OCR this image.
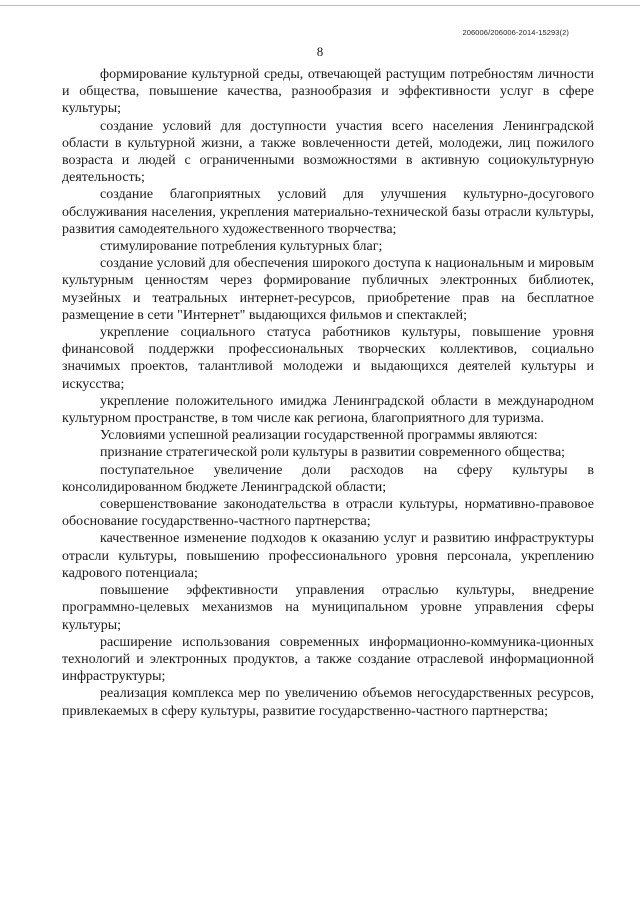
206006/206006-2014-15293(2)
8

формирование культурной среды, отвечающей растущим потребностям личности и общества, повышение качества, разнообразия и эффективности услуг в сфере культуры;

создание условий для доступности участия всего населения Ленинградской области в культурной жизни, а также вовлеченности детей, молодежи, лиц пожилого возраста и людей с ограниченными возможностями в активную социокультурную деятельность;

создание благоприятных условий для улучшения культурно-досугового обслуживания населения, укрепления материально-технической базы отрасли культуры, развития самодеятельного художественного творчества;

стимулирование потребления культурных благ;

создание условий для обеспечения широкого доступа к национальным и мировым культурным ценностям через формирование публичных электронных библиотек, музейных и театральных интернет-ресурсов, приобретение прав на бесплатное размещение в сети "Интернет" выдающихся фильмов и спектаклей;

укрепление социального статуса работников культуры, повышение уровня финансовой поддержки профессиональных творческих коллективов, социально значимых проектов, талантливой молодежи и выдающихся деятелей культуры и искусства;

укрепление положительного имиджа Ленинградской области в международном культурном пространстве, в том числе как региона, благоприятного для туризма.

Условиями успешной реализации государственной программы являются:

признание стратегической роли культуры в развитии современного общества;

поступательное увеличение доли расходов на сферу культуры в консолидированном бюджете Ленинградской области;

совершенствование законодательства в отрасли культуры, нормативно-правовое обоснование государственно-частного партнерства;

качественное изменение подходов к оказанию услуг и развитию инфраструктуры отрасли культуры, повышению профессионального уровня персонала, укреплению кадрового потенциала;

повышение эффективности управления отраслью культуры, внедрение программно-целевых механизмов на муниципальном уровне управления сферы культуры;

расширение использования современных информационно-коммуника-ционных технологий и электронных продуктов, а также создание отраслевой информационной инфраструктуры;

реализация комплекса мер по увеличению объемов негосударственных ресурсов, привлекаемых в сферу культуры, развитие государственно-частного партнерства;
